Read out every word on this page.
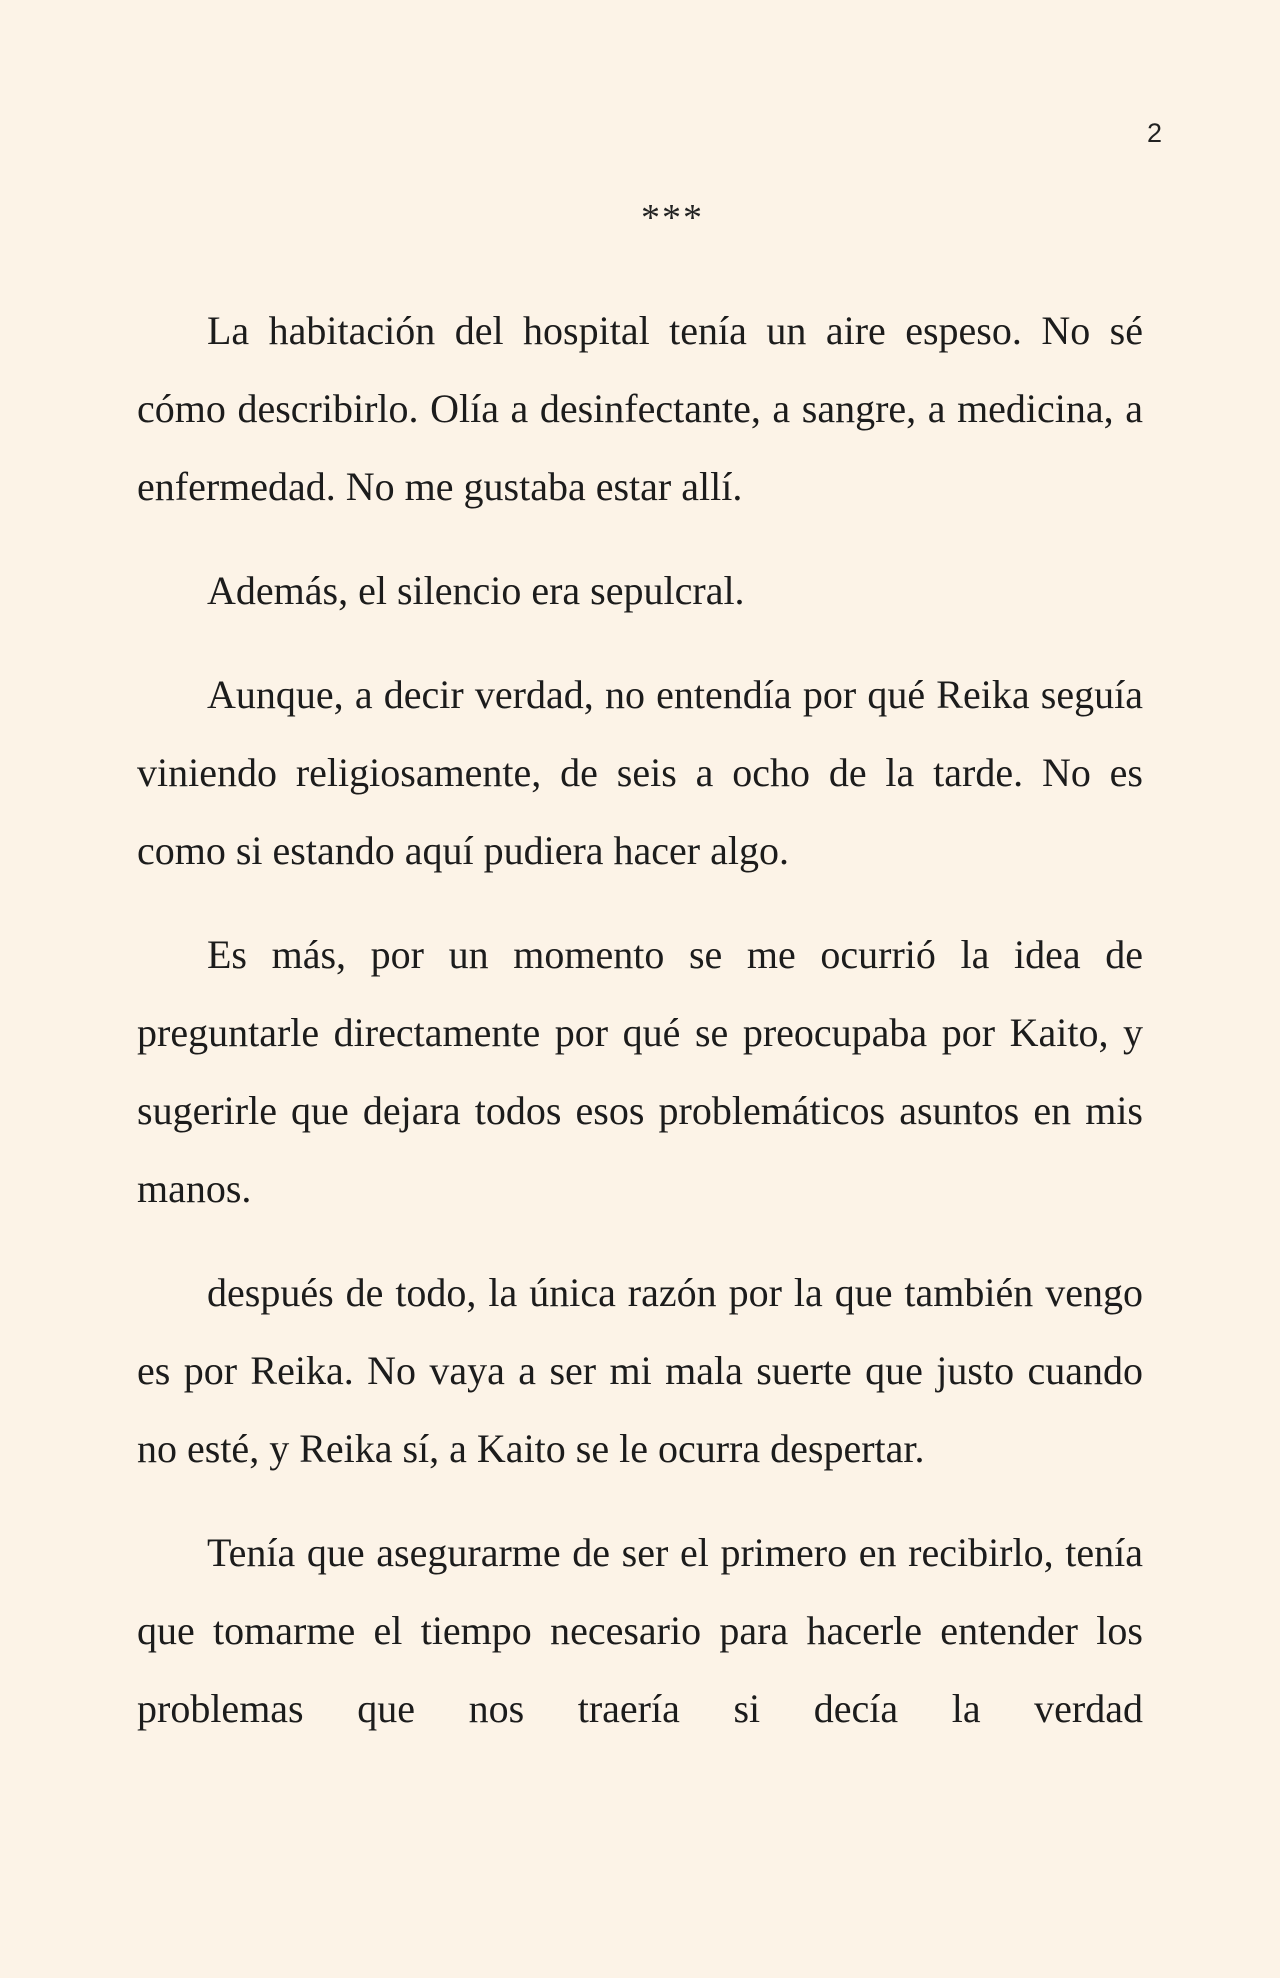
2
***

La habitación del hospital tenía un aire espeso. No sé cómo describirlo. Olía a desinfectante, a sangre, a medicina, a enfermedad. No me gustaba estar allí.

Además, el silencio era sepulcral.

Aunque, a decir verdad, no entendía por qué Reika seguía viniendo religiosamente, de seis a ocho de la tarde. No es como si estando aquí pudiera hacer algo.

Es más, por un momento se me ocurrió la idea de preguntarle directamente por qué se preocupaba por Kaito, y sugerirle que dejara todos esos problemáticos asuntos en mis manos.

después de todo, la única razón por la que también vengo es por Reika. No vaya a ser mi mala suerte que justo cuando no esté, y Reika sí, a Kaito se le ocurra despertar.

Tenía que asegurarme de ser el primero en recibirlo, tenía que tomarme el tiempo necesario para hacerle entender los problemas que nos traería si decía la verdad
